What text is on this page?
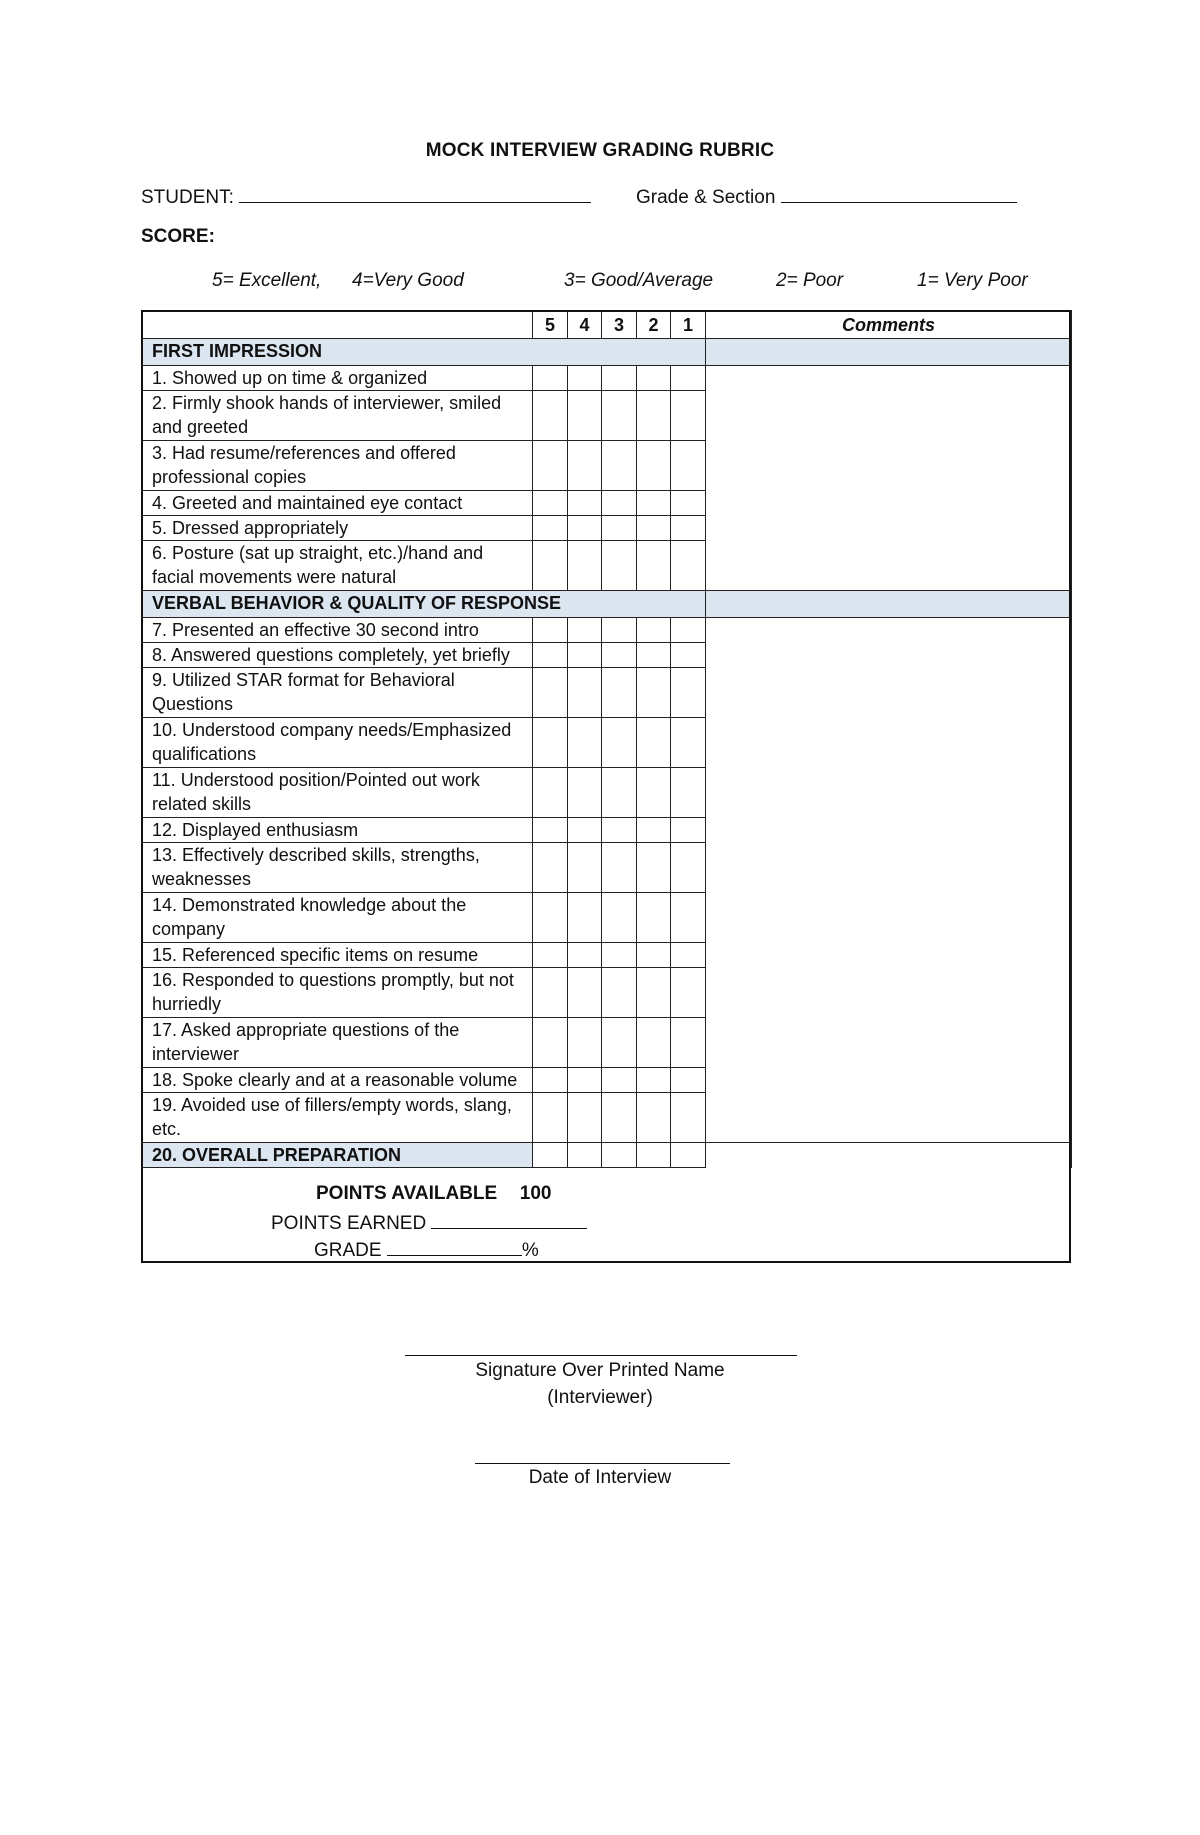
MOCK INTERVIEW GRADING RUBRIC
STUDENT:	Grade & Section
SCORE:
5= Excellent, 4=Very Good	3= Good/Average	2= Poor	1= Very Poor
	5	4	3	2	1	Comments
FIRST IMPRESSION						
1. Showed up on time & organized						
2. Firmly shook hands of interviewer, smiled and greeted						
3. Had resume/references and offered professional copies						
4. Greeted and maintained eye contact						
5. Dressed appropriately						
6. Posture (sat up straight, etc.)/hand and facial movements were natural						
VERBAL BEHAVIOR & QUALITY OF RESPONSE						
7. Presented an effective 30 second intro						
8. Answered questions completely, yet briefly						
9. Utilized STAR format for Behavioral Questions						
10. Understood company needs/Emphasized qualifications						
11. Understood position/Pointed out work related skills						
12. Displayed enthusiasm						
13. Effectively described skills, strengths, weaknesses						
14. Demonstrated knowledge about the company						
15. Referenced specific items on resume						
16. Responded to questions promptly, but not hurriedly						
17. Asked appropriate questions of the interviewer						
18. Spoke clearly and at a reasonable volume						
19. Avoided use of fillers/empty words, slang, etc.						
20. OVERALL PREPARATION						
POINTS AVAILABLE 100
POINTS EARNED
GRADE	%
Signature Over Printed Name
(Interviewer)
Date of Interview
